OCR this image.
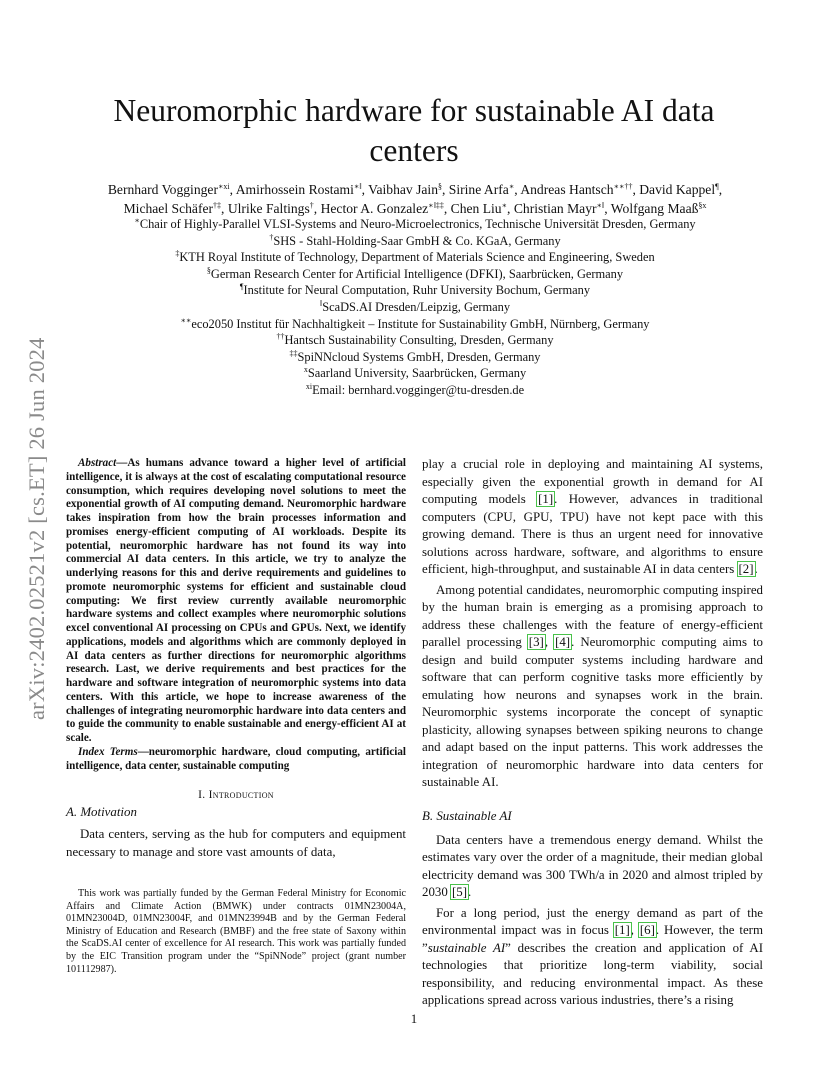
arXiv:2402.02521v2 [cs.ET] 26 Jun 2024
Neuromorphic hardware for sustainable AI data centers
Bernhard Vogginger$^{∗xi}$, Amirhossein Rostami∗‖, Vaibhav Jain§, Sirine Arfa∗, Andreas Hantsch∗∗††, David Kappel¶,
Michael Schäfer†‡, Ulrike Faltings†, Hector A. Gonzalez∗‖‡‡, Chen Liu∗, Christian Mayr∗‖, Wolfgang Maaß$^{\S x}$
∗Chair of Highly-Parallel VLSI-Systems and Neuro-Microelectronics, Technische Universität Dresden, Germany
†SHS - Stahl-Holding-Saar GmbH & Co. KGaA, Germany
‡KTH Royal Institute of Technology, Department of Materials Science and Engineering, Sweden
§German Research Center for Artificial Intelligence (DFKI), Saarbrücken, Germany
¶Institute for Neural Computation, Ruhr University Bochum, Germany
‖ScaDS.AI Dresden/Leipzig, Germany
∗∗eco2050 Institut für Nachhaltigkeit – Institute for Sustainability GmbH, Nürnberg, Germany
††Hantsch Sustainability Consulting, Dresden, Germany
‡‡SpiNNcloud Systems GmbH, Dresden, Germany
$^x$Saarland University, Saarbrücken, Germany
$^{xi}$Email: bernhard.vogginger@tu-dresden.de

Abstract—As humans advance toward a higher level of artificial intelligence, it is always at the cost of escalating computational resource consumption, which requires developing novel solutions to meet the exponential growth of AI computing demand. Neuromorphic hardware takes inspiration from how the brain processes information and promises energy-efficient computing of AI workloads. Despite its potential, neuromorphic hardware has not found its way into commercial AI data centers. In this article, we try to analyze the underlying reasons for this and derive requirements and guidelines to promote neuromorphic systems for efficient and sustainable cloud computing: We first review currently available neuromorphic hardware systems and collect examples where neuromorphic solutions excel conventional AI processing on CPUs and GPUs. Next, we identify applications, models and algorithms which are commonly deployed in AI data centers as further directions for neuromorphic algorithms research. Last, we derive requirements and best practices for the hardware and software integration of neuromorphic systems into data centers. With this article, we hope to increase awareness of the challenges of integrating neuromorphic hardware into data centers and to guide the community to enable sustainable and energy-efficient AI at scale.

Index Terms—neuromorphic hardware, cloud computing, artificial intelligence, data center, sustainable computing

I. Introduction
A. Motivation

Data centers, serving as the hub for computers and equipment necessary to manage and store vast amounts of data,

This work was partially funded by the German Federal Ministry for Economic Affairs and Climate Action (BMWK) under contracts 01MN23004A, 01MN23004D, 01MN23004F, and 01MN23994B and by the German Federal Ministry of Education and Research (BMBF) and the free state of Saxony within the ScaDS.AI center of excellence for AI research. This work was partially funded by the EIC Transition program under the “SpiNNode” project (grant number 101112987).

play a crucial role in deploying and maintaining AI systems, especially given the exponential growth in demand for AI computing models [1]. However, advances in traditional computers (CPU, GPU, TPU) have not kept pace with this growing demand. There is thus an urgent need for innovative solutions across hardware, software, and algorithms to ensure efficient, high-throughput, and sustainable AI in data centers [2].

Among potential candidates, neuromorphic computing inspired by the human brain is emerging as a promising approach to address these challenges with the feature of energy-efficient parallel processing [3], [4]. Neuromorphic computing aims to design and build computer systems including hardware and software that can perform cognitive tasks more efficiently by emulating how neurons and synapses work in the brain. Neuromorphic systems incorporate the concept of synaptic plasticity, allowing synapses between spiking neurons to change and adapt based on the input patterns. This work addresses the integration of neuromorphic hardware into data centers for sustainable AI.

B. Sustainable AI

Data centers have a tremendous energy demand. Whilst the estimates vary over the order of a magnitude, their median global electricity demand was 300 TWh/a in 2020 and almost tripled by 2030 [5].

For a long period, just the energy demand as part of the environmental impact was in focus [1], [6]. However, the term ”sustainable AI” describes the creation and application of AI technologies that prioritize long-term viability, social responsibility, and reducing environmental impact. As these applications spread across various industries, there’s a rising

1
